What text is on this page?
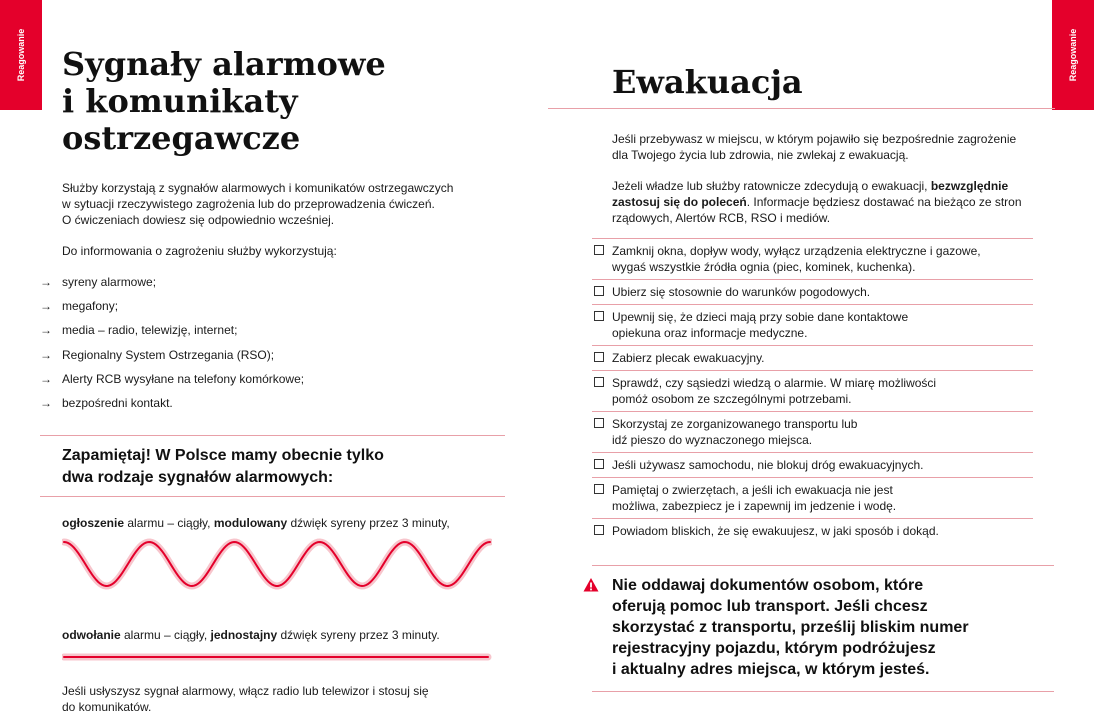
Reagowanie	Reagowanie
Sygnały alarmowe
i komunikaty
ostrzegawcze
Służby korzystają z sygnałów alarmowych i komunikatów ostrzegawczych
w sytuacji rzeczywistego zagrożenia lub do przeprowadzenia ćwiczeń.
O ćwiczeniach dowiesz się odpowiednio wcześniej.
Do informowania o zagrożeniu służby wykorzystują:
→ syreny alarmowe;
→ megafony;
→ media – radio, telewizję, internet;
→ Regionalny System Ostrzegania (RSO);
→ Alerty RCB wysyłane na telefony komórkowe;
→ bezpośredni kontakt.
Zapamiętaj! W Polsce mamy obecnie tylko
dwa rodzaje sygnałów alarmowych:
ogłoszenie alarmu – ciągły, modulowany dźwięk syreny przez 3 minuty,
odwołanie alarmu – ciągły, jednostajny dźwięk syreny przez 3 minuty.
Jeśli usłyszysz sygnał alarmowy, włącz radio lub telewizor i stosuj się
do komunikatów.
Ewakuacja
Jeśli przebywasz w miejscu, w którym pojawiło się bezpośrednie zagrożenie
dla Twojego życia lub zdrowia, nie zwlekaj z ewakuacją.
Jeżeli władze lub służby ratownicze zdecydują o ewakuacji, bezwzględnie
zastosuj się do poleceń. Informacje będziesz dostawać na bieżąco ze stron
rządowych, Alertów RCB, RSO i mediów.
Zamknij okna, dopływ wody, wyłącz urządzenia elektryczne i gazowe,
wygaś wszystkie źródła ognia (piec, kominek, kuchenka).
Ubierz się stosownie do warunków pogodowych.
Upewnij się, że dzieci mają przy sobie dane kontaktowe
opiekuna oraz informacje medyczne.
Zabierz plecak ewakuacyjny.
Sprawdź, czy sąsiedzi wiedzą o alarmie. W miarę możliwości
pomóż osobom ze szczególnymi potrzebami.
Skorzystaj ze zorganizowanego transportu lub
idź pieszo do wyznaczonego miejsca.
Jeśli używasz samochodu, nie blokuj dróg ewakuacyjnych.
Pamiętaj o zwierzętach, a jeśli ich ewakuacja nie jest
możliwa, zabezpiecz je i zapewnij im jedzenie i wodę.
Powiadom bliskich, że się ewakuujesz, w jaki sposób i dokąd.
Nie oddawaj dokumentów osobom, które
oferują pomoc lub transport. Jeśli chcesz
skorzystać z transportu, prześlij bliskim numer
rejestracyjny pojazdu, którym podróżujesz
i aktualny adres miejsca, w którym jesteś.
